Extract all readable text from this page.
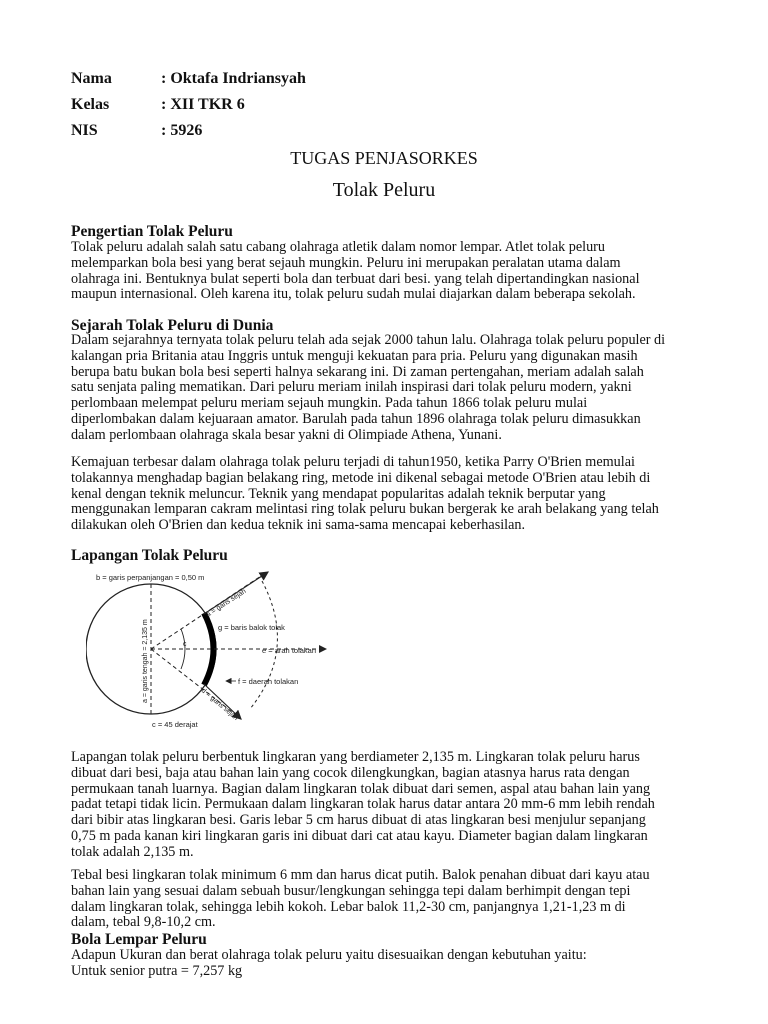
Nama	: Oktafa Indriansyah
Kelas	: XII TKR 6
NIS	: 5926
TUGAS PENJASORKES
Tolak Peluru
Pengertian Tolak Peluru
Tolak peluru adalah salah satu cabang olahraga atletik dalam nomor lempar. Atlet tolak peluru
melemparkan bola besi yang berat sejauh mungkin. Peluru ini merupakan peralatan utama dalam
olahraga ini. Bentuknya bulat seperti bola dan terbuat dari besi. yang telah dipertandingkan nasional
maupun internasional. Oleh karena itu, tolak peluru sudah mulai diajarkan dalam beberapa sekolah.
Sejarah Tolak Peluru di Dunia
Dalam sejarahnya ternyata tolak peluru telah ada sejak 2000 tahun lalu. Olahraga tolak peluru populer di
kalangan pria Britania atau Inggris untuk menguji kekuatan para pria. Peluru yang digunakan masih
berupa batu bukan bola besi seperti halnya sekarang ini. Di zaman pertengahan, meriam adalah salah
satu senjata paling mematikan. Dari peluru meriam inilah inspirasi dari tolak peluru modern, yakni
perlombaan melempat peluru meriam sejauh mungkin. Pada tahun 1866 tolak peluru mulai
diperlombakan dalam kejuaraan amator. Barulah pada tahun 1896 olahraga tolak peluru dimasukkan
dalam perlombaan olahraga skala besar yakni di Olimpiade Athena, Yunani.
Kemajuan terbesar dalam olahraga tolak peluru terjadi di tahun1950, ketika Parry O'Brien memulai
tolakannya menghadap bagian belakang ring, metode ini dikenal sebagai metode O'Brien atau lebih di
kenal dengan teknik meluncur. Teknik yang mendapat popularitas adalah teknik berputar yang
menggunakan lemparan cakram melintasi ring tolak peluru bukan bergerak ke arah belakang yang telah
dilakukan oleh O'Brien dan kedua teknik ini sama-sama mencapai keberhasilan.
Lapangan Tolak Peluru
b = garis perpanjangan = 0,50 m
a = garis sejah
g = baris balok tolak
e = arah tolakan
c
f = daerah tolakan
d = garis sejah
c = 45 derajat
a = garis tengah = 2,135 m
Lapangan tolak peluru berbentuk lingkaran yang berdiameter 2,135 m. Lingkaran tolak peluru harus
dibuat dari besi, baja atau bahan lain yang cocok dilengkungkan, bagian atasnya harus rata dengan
permukaan tanah luarnya. Bagian dalam lingkaran tolak dibuat dari semen, aspal atau bahan lain yang
padat tetapi tidak licin. Permukaan dalam lingkaran tolak harus datar antara 20 mm-6 mm lebih rendah
dari bibir atas lingkaran besi. Garis lebar 5 cm harus dibuat di atas lingkaran besi menjulur sepanjang
0,75 m pada kanan kiri lingkaran garis ini dibuat dari cat atau kayu. Diameter bagian dalam lingkaran
tolak adalah 2,135 m.
Tebal besi lingkaran tolak minimum 6 mm dan harus dicat putih. Balok penahan dibuat dari kayu atau
bahan lain yang sesuai dalam sebuah busur/lengkungan sehingga tepi dalam berhimpit dengan tepi
dalam lingkaran tolak, sehingga lebih kokoh. Lebar balok 11,2-30 cm, panjangnya 1,21-1,23 m di
dalam, tebal 9,8-10,2 cm.
Bola Lempar Peluru
Adapun Ukuran dan berat olahraga tolak peluru yaitu disesuaikan dengan kebutuhan yaitu:
Untuk senior putra = 7,257 kg
